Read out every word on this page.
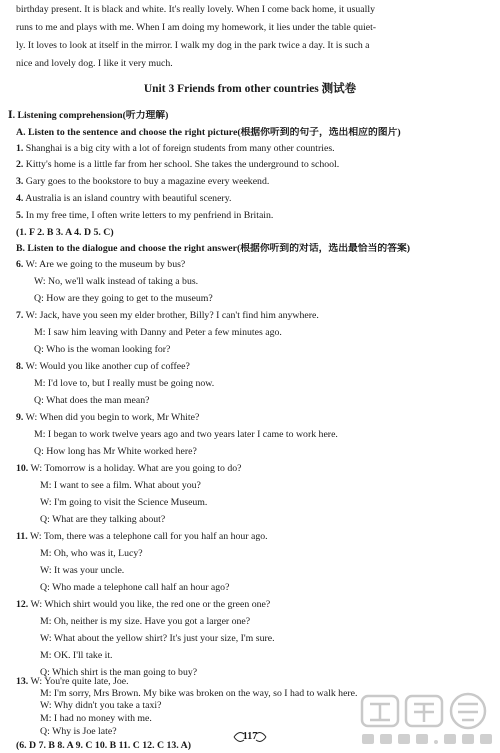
birthday present. It is black and white. It's really lovely. When I come back home, it usually
runs to me and plays with me. When I am doing my homework, it lies under the table quiet-
ly. It loves to look at itself in the mirror. I walk my dog in the park twice a day. It is such a
nice and lovely dog. I like it very much.
Unit 3 Friends from other countries 测试卷
Ⅰ. Listening comprehension(听力理解)
A. Listen to the sentence and choose the right picture(根据你听到的句子，选出相应的图片)
1. Shanghai is a big city with a lot of foreign students from many other countries.
2. Kitty's home is a little far from her school. She takes the underground to school.
3. Gary goes to the bookstore to buy a magazine every weekend.
4. Australia is an island country with beautiful scenery.
5. In my free time, I often write letters to my penfriend in Britain.
(1. F 2. B 3. A 4. D 5. C)
B. Listen to the dialogue and choose the right answer(根据你听到的对话，选出最恰当的答案)
6. W: Are we going to the museum by bus?
W: No, we'll walk instead of taking a bus.
Q: How are they going to get to the museum?
7. W: Jack, have you seen my elder brother, Billy? I can't find him anywhere.
M: I saw him leaving with Danny and Peter a few minutes ago.
Q: Who is the woman looking for?
8. W: Would you like another cup of coffee?
M: I'd love to, but I really must be going now.
Q: What does the man mean?
9. W: When did you begin to work, Mr White?
M: I began to work twelve years ago and two years later I came to work here.
Q: How long has Mr White worked here?
10. W: Tomorrow is a holiday. What are you going to do?
M: I want to see a film. What about you?
W: I'm going to visit the Science Museum.
Q: What are they talking about?
11. W: Tom, there was a telephone call for you half an hour ago.
M: Oh, who was it, Lucy?
W: It was your uncle.
Q: Who made a telephone call half an hour ago?
12. W: Which shirt would you like, the red one or the green one?
M: Oh, neither is my size. Have you got a larger one?
W: What about the yellow shirt? It's just your size, I'm sure.
M: OK. I'll take it.
Q: Which shirt is the man going to buy?
13. W: You're quite late, Joe.
M: I'm sorry, Mrs Brown. My bike was broken on the way, so I had to walk here.
W: Why didn't you take a taxi?
M: I had no money with me.
Q: Why is Joe late?	117
(6. D 7. B 8. A 9. C 10. B 11. C 12. C 13. A)
